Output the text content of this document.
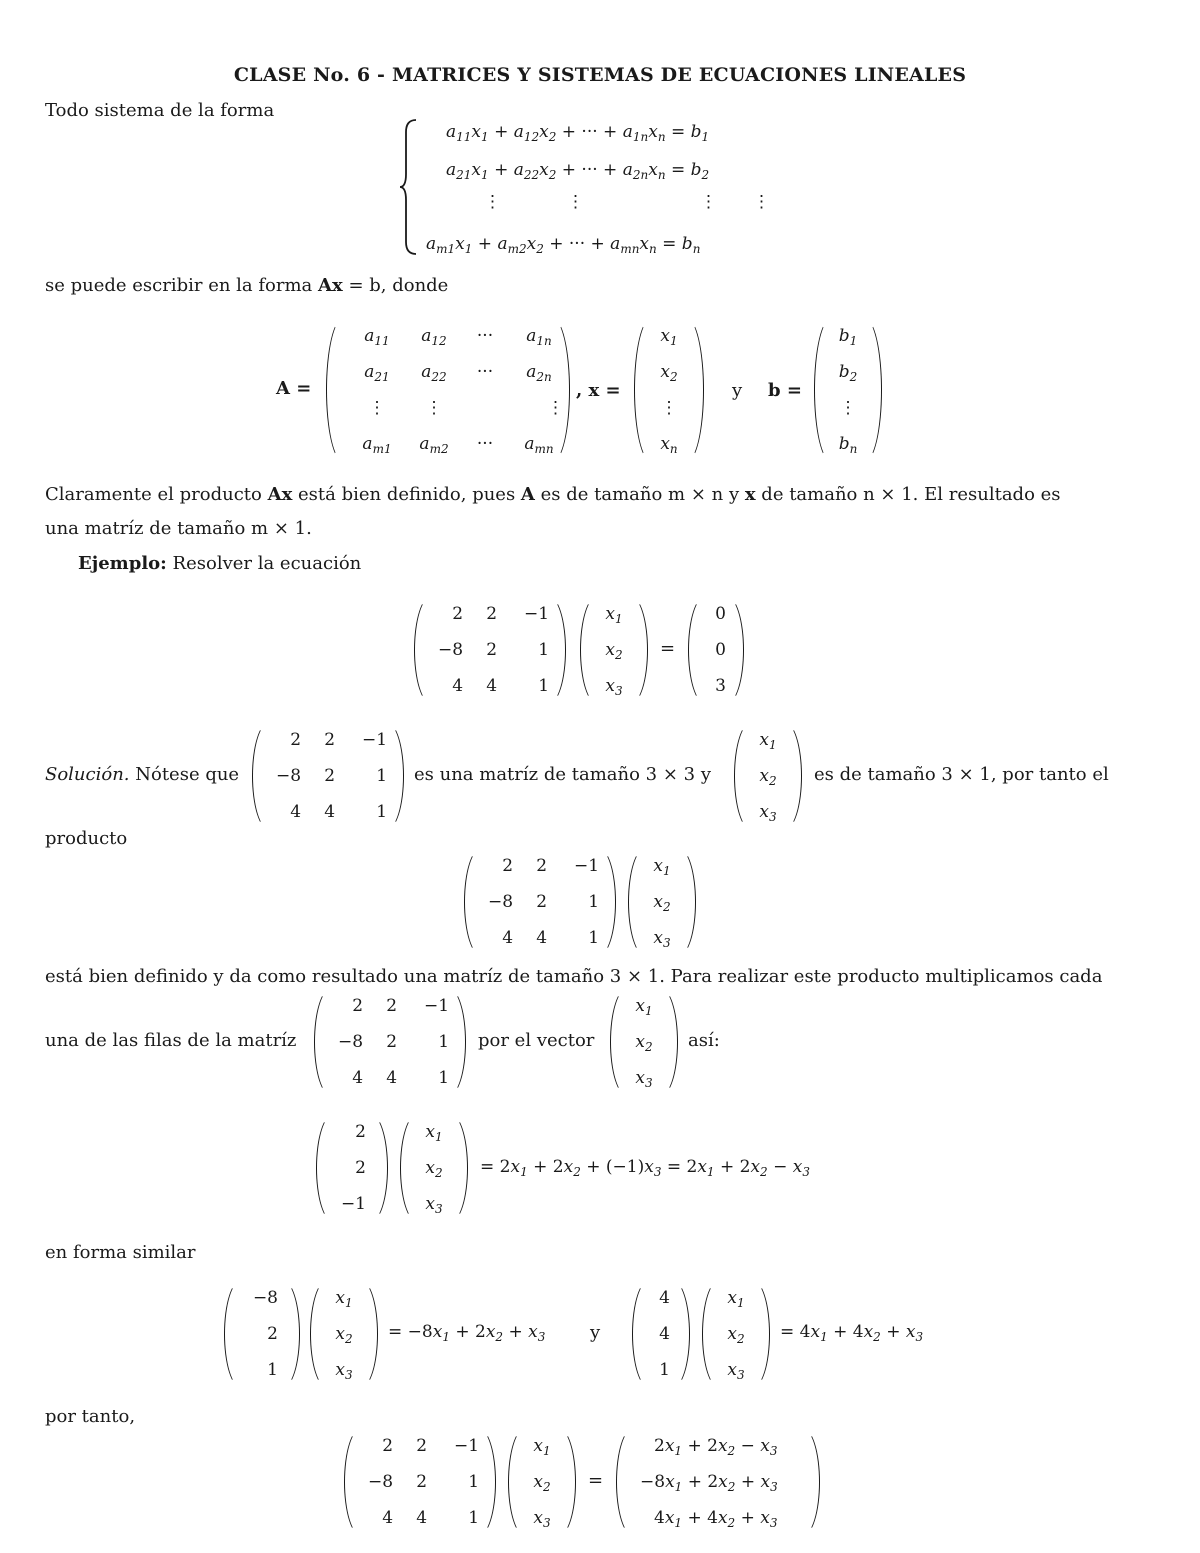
CLASE No. 6 - MATRICES Y SISTEMAS DE ECUACIONES LINEALES
Todo sistema de la forma
$a_{11}x_1 + a_{12}x_2$ + ··· + $a_{1n}x_n = b_1$
$a_{21}x_1 + a_{22}x_2$ + ··· + $a_{2n}x_n = b_2$
⋮	⋮	⋮ ⋮
$a_{m1}x_1 + a_{m2}x_2$ + ··· + $a_{mn}x_n = b_n$
se puede escribir en la forma Ax = b, donde
A =
$a_{11}$	$a_{12}$	···	$a_{1n}$
$a_{21}$	$a_{22}$	···	$a_{2n}$
⋮	⋮		⋮
$a_{m1}$	$a_{m2}$	···	$a_{mn}$
, x =
$x_1$
$x_2$
⋮
$x_n$
y b =
$b_1$
$b_2$
⋮
$b_n$
Claramente el producto Ax está bien definido, pues A es de tamaño m × n y x de tamaño n × 1. El resultado es
una matríz de tamaño m × 1.
Ejemplo: Resolver la ecuación
2	2	−1
−8	2	1
4	4	1
$x_1$
$x_2$
$x_3$
=
0
0
3
Solución. Nótese que
2	2	−1
−8	2	1
4	4	1
es una matríz de tamaño 3 × 3 y
$x_1$
$x_2$
$x_3$
es de tamaño 3 × 1, por tanto el
producto
2	2	−1
−8	2	1
4	4	1
$x_1$
$x_2$
$x_3$
está bien definido y da como resultado una matríz de tamaño 3 × 1. Para realizar este producto multiplicamos cada
una de las filas de la matríz
2	2	−1
−8	2	1
4	4	1
por el vector
$x_1$
$x_2$
$x_3$
así:
2
2
−1
$x_1$
$x_2$
$x_3$
= $2x_1 + 2x_2 + (-1)x_3 = 2x_1 + 2x_2 - x_3$
en forma similar
−8
2
1
$x_1$
$x_2$
$x_3$
= $-8x_1 + 2x_2 + x_3$ y
4
4
1
$x_1$
$x_2$
$x_3$
= $4x_1 + 4x_2 + x_3$
por tanto,
2	2	−1
−8	2	1
4	4	1
$x_1$
$x_2$
$x_3$
=
$2x_1 + 2x_2 - x_3$
$-8x_1 + 2x_2 + x_3$
$4x_1 + 4x_2 + x_3$
